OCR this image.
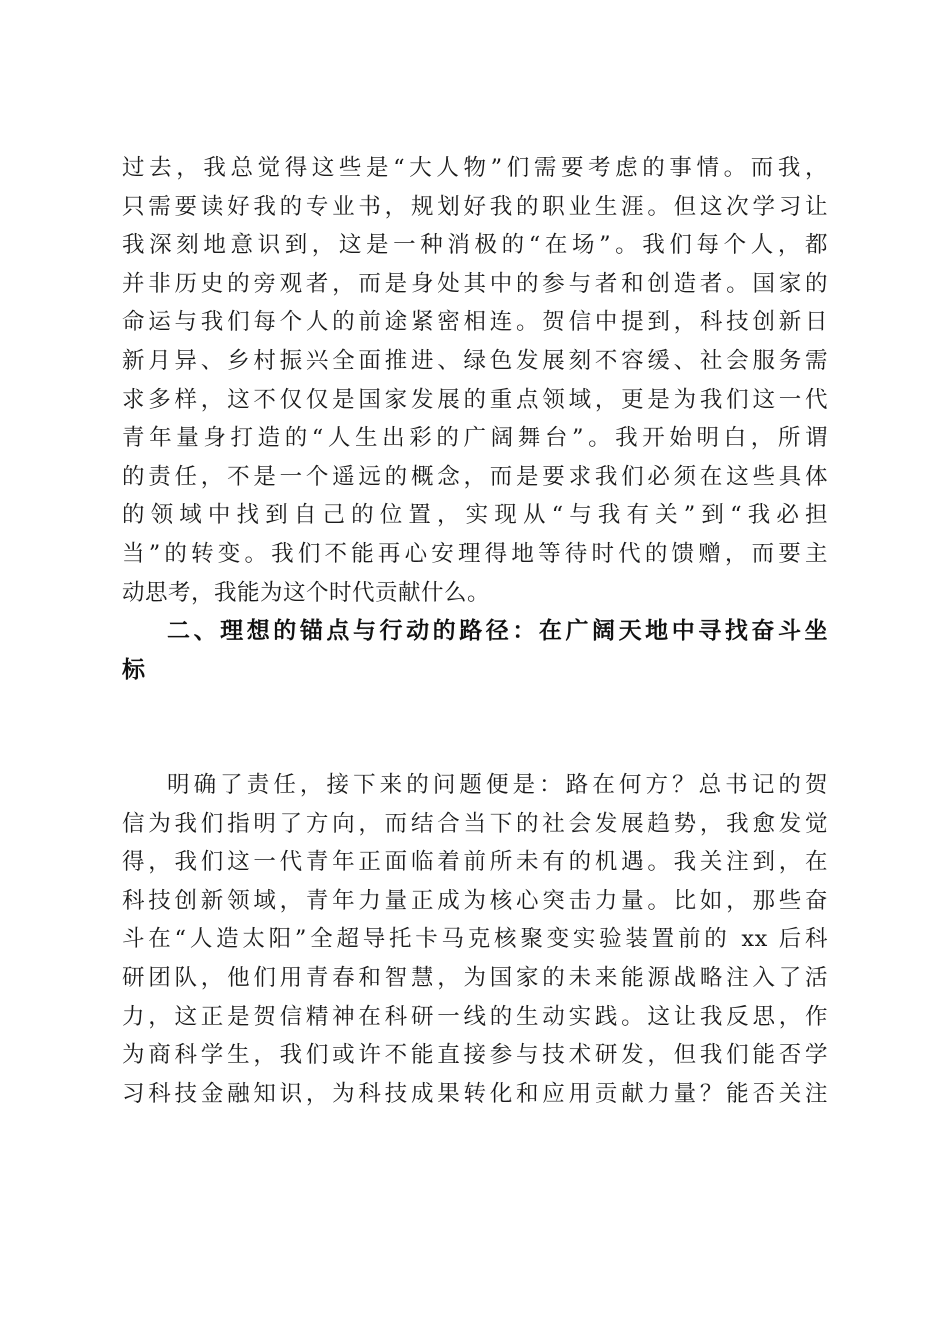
过去，我总觉得这些是“大人物”们需要考虑的事情。而我，
只需要读好我的专业书，规划好我的职业生涯。但这次学习让
我深刻地意识到，这是一种消极的“在场”。我们每个人，都
并非历史的旁观者，而是身处其中的参与者和创造者。国家的
命运与我们每个人的前途紧密相连。贺信中提到，科技创新日
新月异、乡村振兴全面推进、绿色发展刻不容缓、社会服务需
求多样，这不仅仅是国家发展的重点领域，更是为我们这一代
青年量身打造的“人生出彩的广阔舞台”。我开始明白，所谓
的责任，不是一个遥远的概念，而是要求我们必须在这些具体
的领域中找到自己的位置，实现从“与我有关”到“我必担
当”的转变。我们不能再心安理得地等待时代的馈赠，而要主
动思考，我能为这个时代贡献什么。
二、理想的锚点与行动的路径：在广阔天地中寻找奋斗坐
标
明确了责任，接下来的问题便是：路在何方？总书记的贺
信为我们指明了方向，而结合当下的社会发展趋势，我愈发觉
得，我们这一代青年正面临着前所未有的机遇。我关注到，在
科技创新领域，青年力量正成为核心突击力量。比如，那些奋
斗在“人造太阳”全超导托卡马克核聚变实验装置前的 xx 后科
研团队，他们用青春和智慧，为国家的未来能源战略注入了活
力，这正是贺信精神在科研一线的生动实践。这让我反思，作
为商科学生，我们或许不能直接参与技术研发，但我们能否学
习科技金融知识，为科技成果转化和应用贡献力量？能否关注
